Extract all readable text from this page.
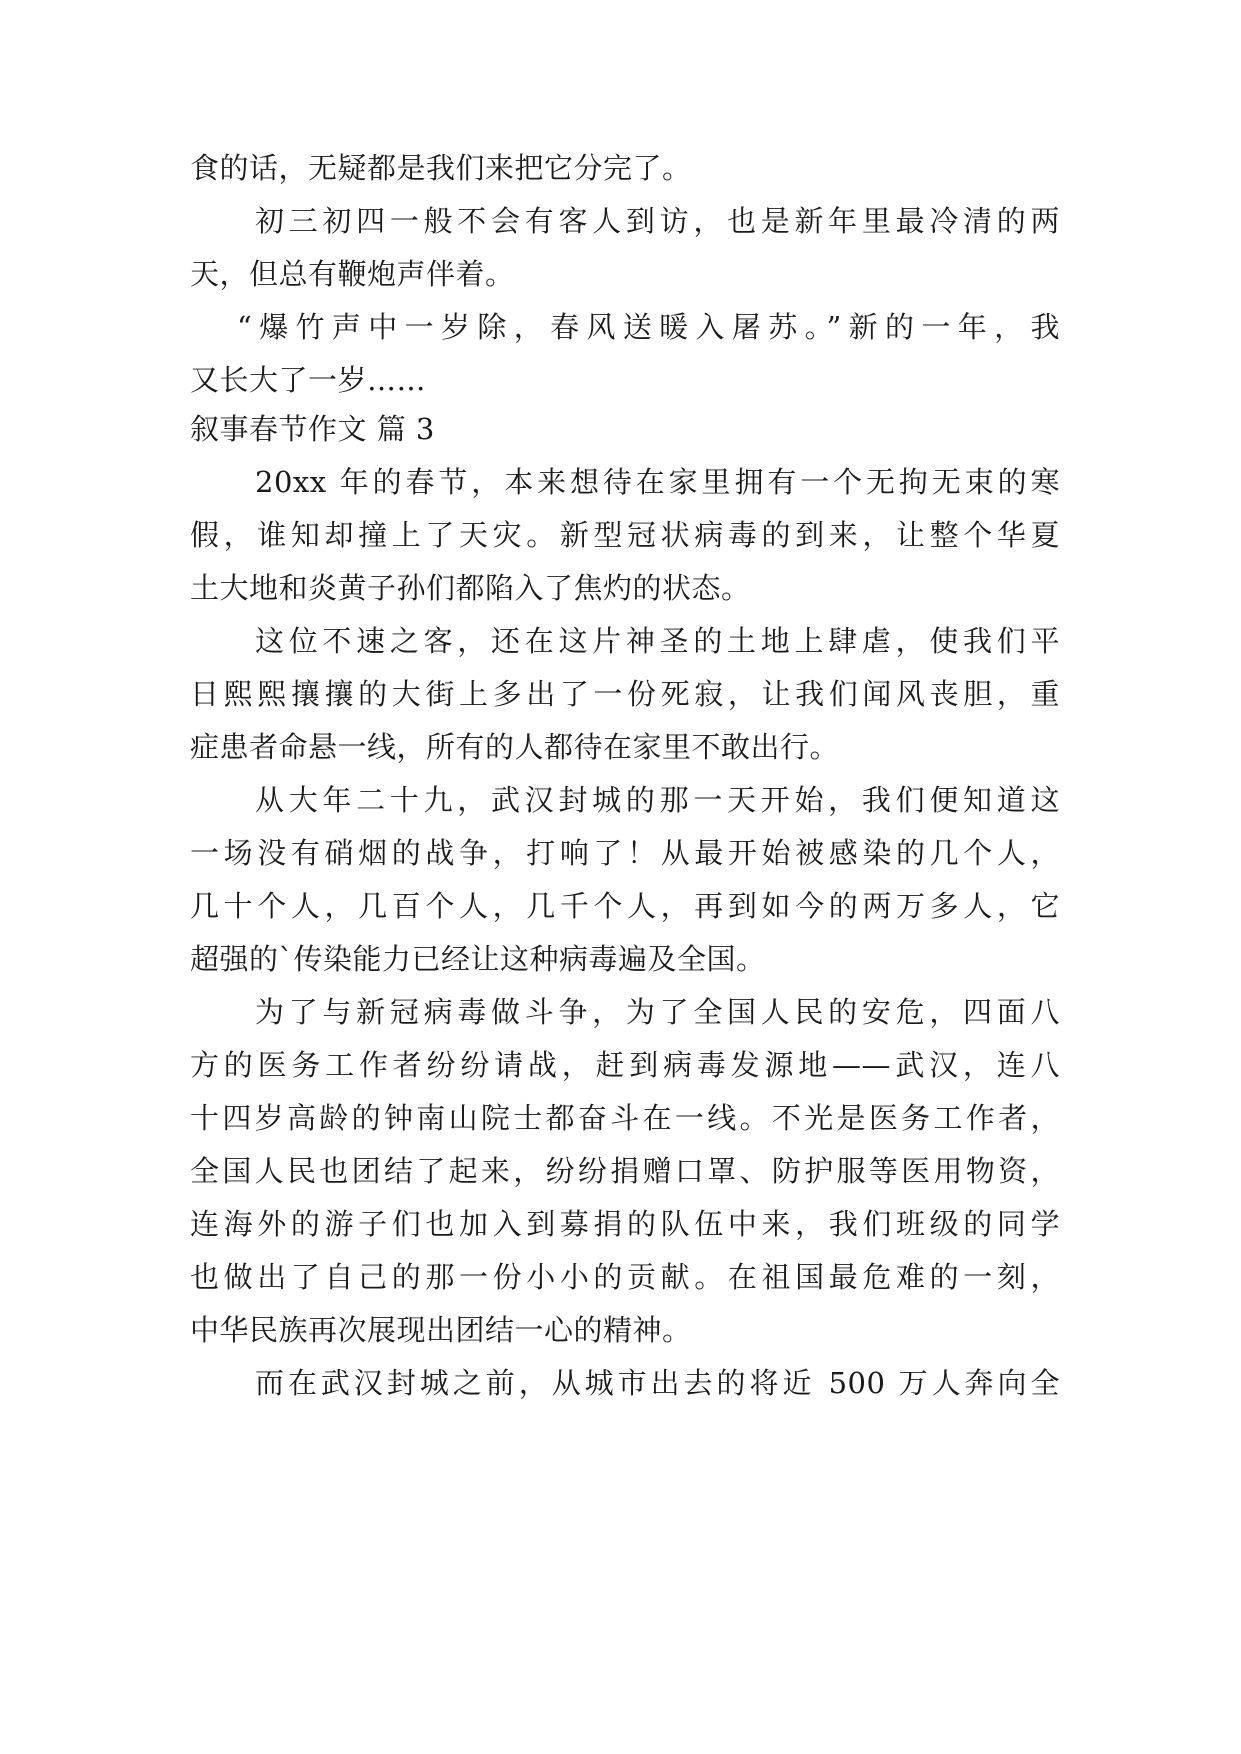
食的话，无疑都是我们来把它分完了。
初三初四一般不会有客人到访，也是新年里最冷清的两
天，但总有鞭炮声伴着。
“爆竹声中一岁除，春风送暖入屠苏。”新的一年，我
又长大了一岁……
叙事春节作文 篇 3
20xx 年的春节，本来想待在家里拥有一个无拘无束的寒
假，谁知却撞上了天灾。新型冠状病毒的到来，让整个华夏
土大地和炎黄子孙们都陷入了焦灼的状态。
这位不速之客，还在这片神圣的土地上肆虐，使我们平
日熙熙攘攘的大街上多出了一份死寂，让我们闻风丧胆，重
症患者命悬一线，所有的人都待在家里不敢出行。
从大年二十九，武汉封城的那一天开始，我们便知道这
一场没有硝烟的战争，打响了！从最开始被感染的几个人，
几十个人，几百个人，几千个人，再到如今的两万多人，它
超强的`传染能力已经让这种病毒遍及全国。
为了与新冠病毒做斗争，为了全国人民的安危，四面八
方的医务工作者纷纷请战，赶到病毒发源地——武汉，连八
十四岁高龄的钟南山院士都奋斗在一线。不光是医务工作者，
全国人民也团结了起来，纷纷捐赠口罩、防护服等医用物资，
连海外的游子们也加入到募捐的队伍中来，我们班级的同学
也做出了自己的那一份小小的贡献。在祖国最危难的一刻，
中华民族再次展现出团结一心的精神。
而在武汉封城之前，从城市出去的将近 500 万人奔向全
